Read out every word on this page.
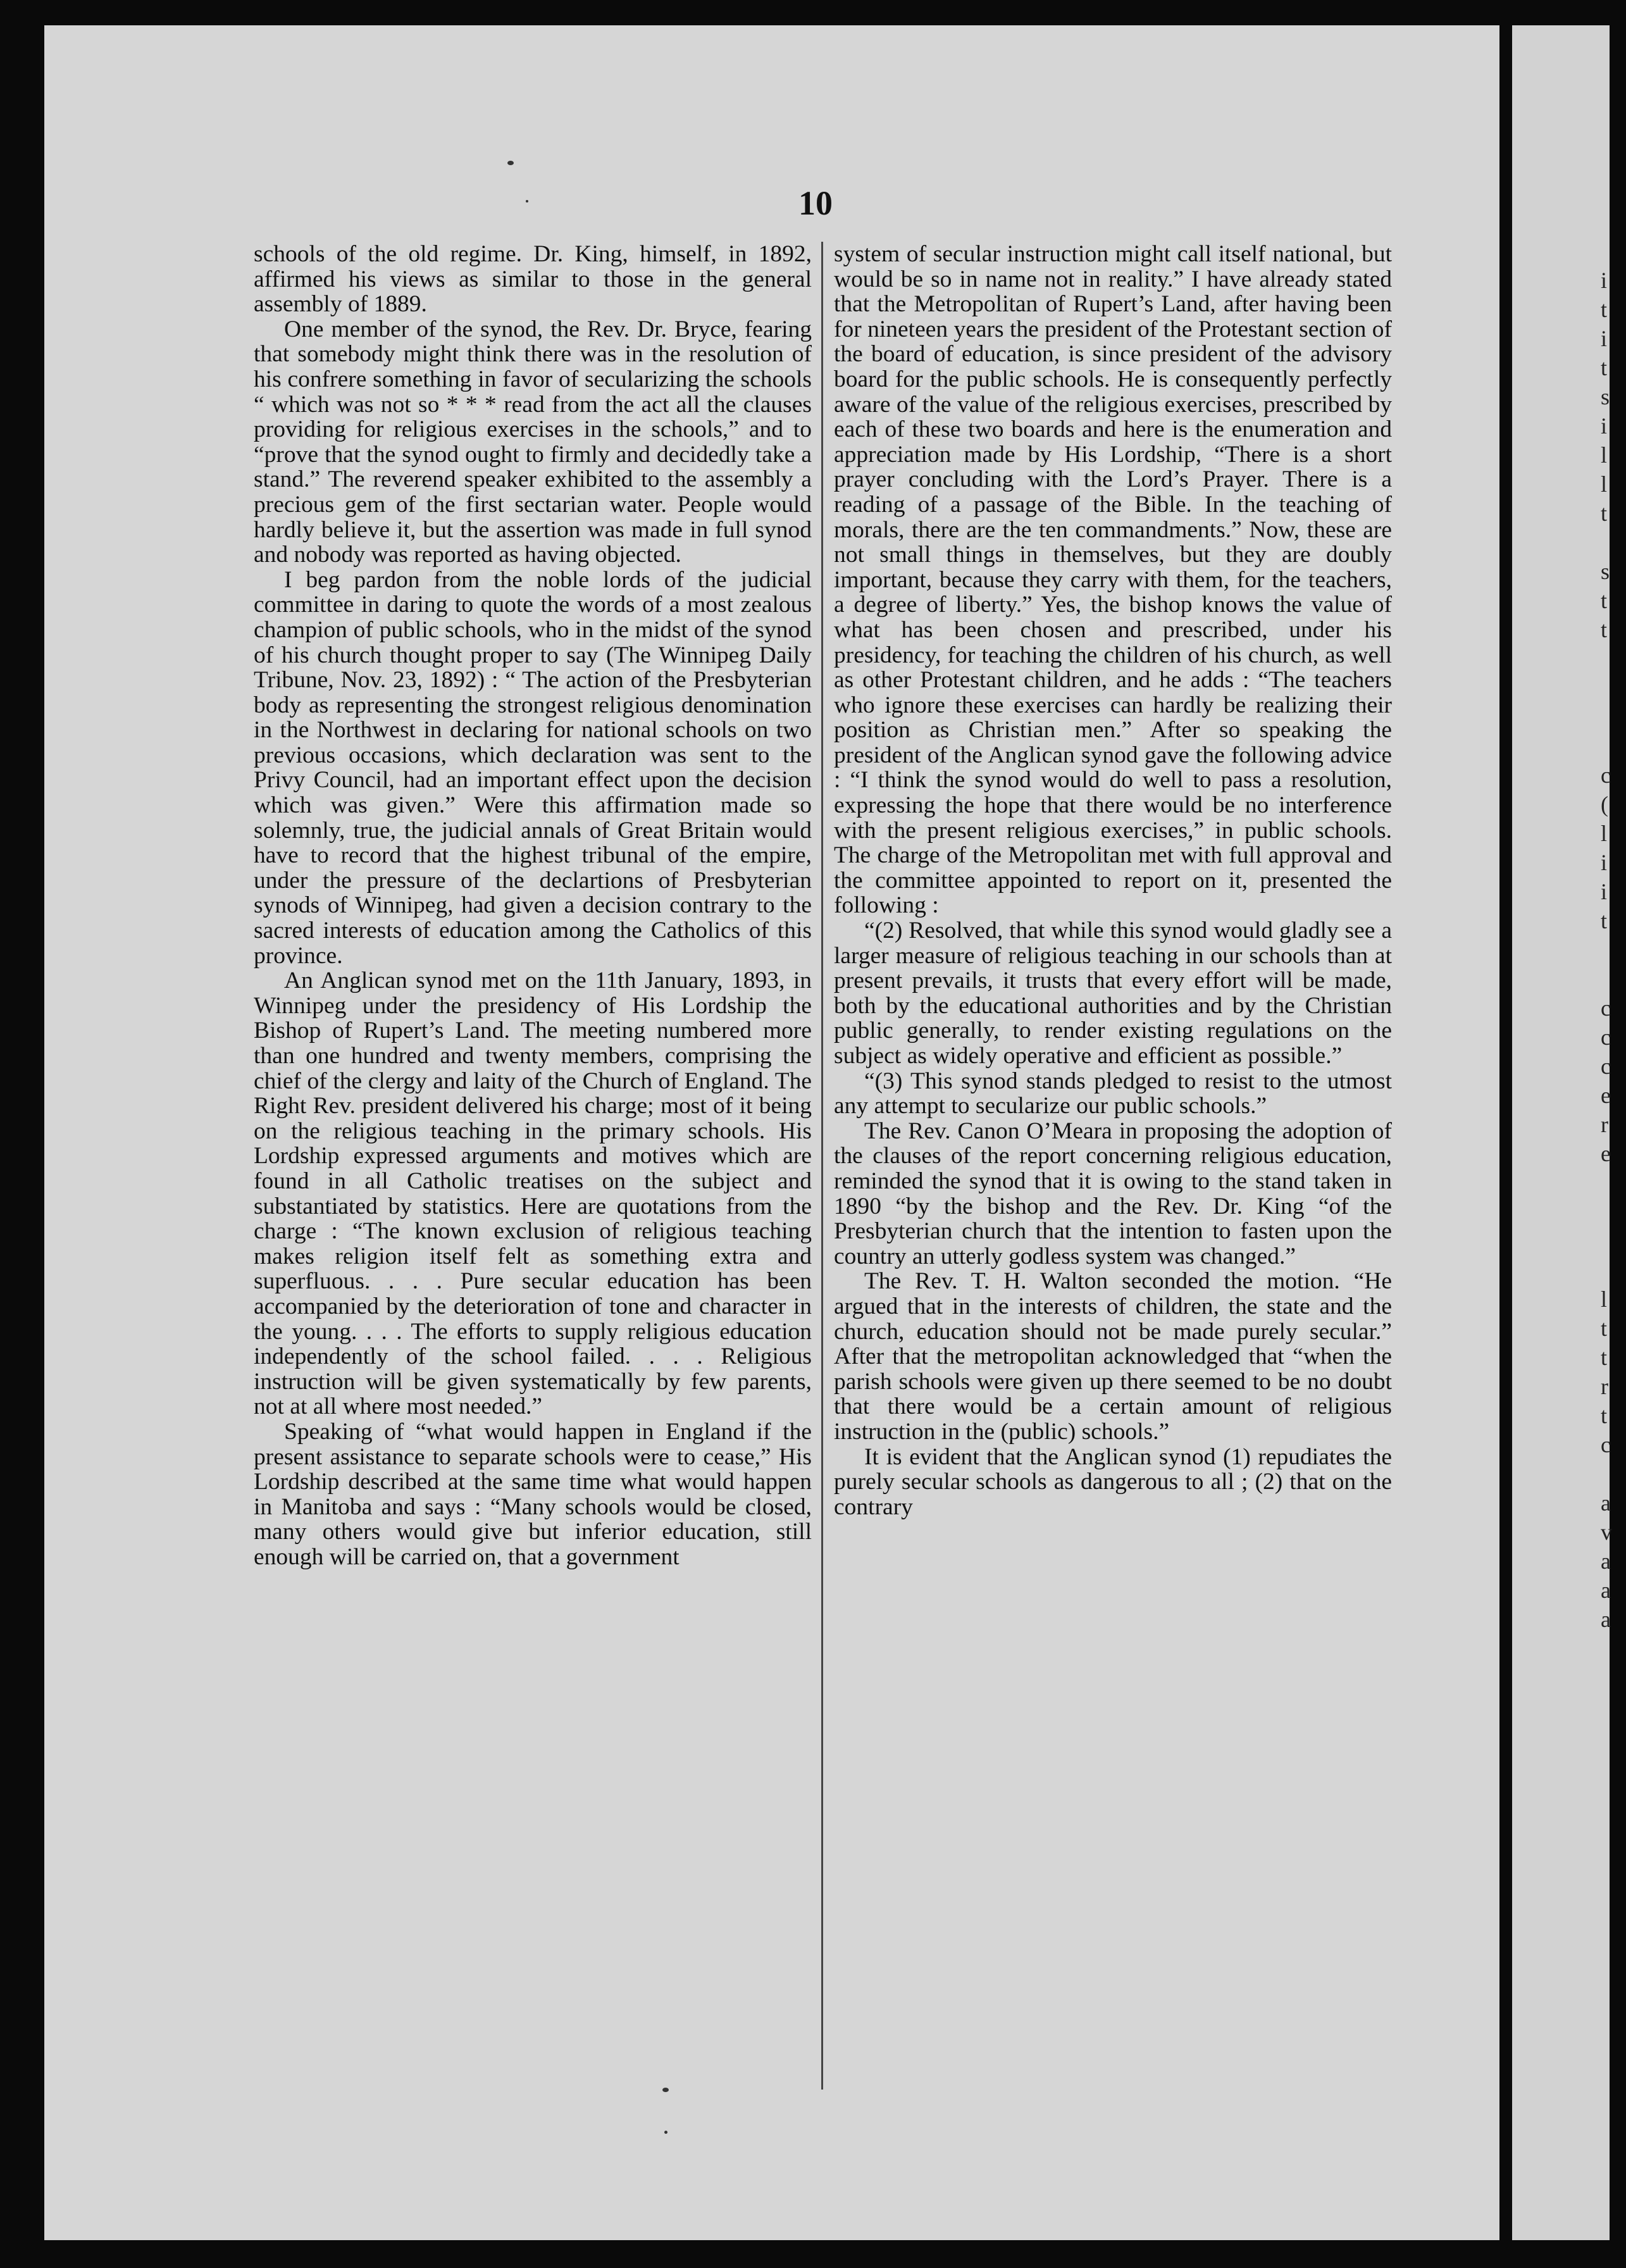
i
t
i
t
s
i
l
l
t

s
t
t

c
(
l
i
i
t

c
c
c
e
r
e

l
t
t
r
t
c

a
v
a
a
a
10

schools of the old regime. Dr. King, himself, in 1892, affirmed his views as similar to those in the general assembly of 1889.

One member of the synod, the Rev. Dr. Bryce, fearing that somebody might think there was in the resolution of his confrere something in favor of secularizing the schools “ which was not so * * * read from the act all the clauses providing for religious exercises in the schools,” and to “prove that the synod ought to firmly and decidedly take a stand.” The reverend speaker exhibited to the assembly a precious gem of the first sectarian water. People would hardly believe it, but the assertion was made in full synod and nobody was reported as having objected.

I beg pardon from the noble lords of the judicial committee in daring to quote the words of a most zealous champion of public schools, who in the midst of the synod of his church thought proper to say (The Winnipeg Daily Tribune, Nov. 23, 1892) : “ The action of the Presbyterian body as representing the strongest religious denomination in the Northwest in declaring for national schools on two previous occasions, which declaration was sent to the Privy Council, had an important effect upon the decision which was given.” Were this affirmation made so solemnly, true, the judicial annals of Great Britain would have to record that the highest tribunal of the empire, under the pressure of the declartions of Presbyterian synods of Winnipeg, had given a decision contrary to the sacred interests of education among the Catholics of this province.

An Anglican synod met on the 11th January, 1893, in Winnipeg under the presidency of His Lordship the Bishop of Rupert’s Land. The meeting numbered more than one hundred and twenty members, comprising the chief of the clergy and laity of the Church of England. The Right Rev. president delivered his charge; most of it being on the religious teaching in the primary schools. His Lordship expressed arguments and motives which are found in all Catholic treatises on the subject and substantiated by statistics. Here are quotations from the charge : “The known exclusion of religious teaching makes religion itself felt as something extra and superfluous. . . . Pure secular education has been accompanied by the deterioration of tone and character in the young. . . . The efforts to supply religious education independently of the school failed. . . . Religious instruction will be given systematically by few parents, not at all where most needed.”

Speaking of “what would happen in England if the present assistance to separate schools were to cease,” His Lordship described at the same time what would happen in Manitoba and says : “Many schools would be closed, many others would give but inferior education, still enough will be carried on, that a government

system of secular instruction might call itself national, but would be so in name not in reality.” I have already stated that the Metropolitan of Rupert’s Land, after having been for nineteen years the president of the Protestant section of the board of education, is since president of the advisory board for the public schools. He is consequently perfectly aware of the value of the religious exercises, prescribed by each of these two boards and here is the enumeration and appreciation made by His Lordship, “There is a short prayer concluding with the Lord’s Prayer. There is a reading of a passage of the Bible. In the teaching of morals, there are the ten commandments.” Now, these are not small things in themselves, but they are doubly important, because they carry with them, for the teachers, a degree of liberty.” Yes, the bishop knows the value of what has been chosen and prescribed, under his presidency, for teaching the children of his church, as well as other Protestant children, and he adds : “The teachers who ignore these exercises can hardly be realizing their position as Christian men.” After so speaking the president of the Anglican synod gave the following advice : “I think the synod would do well to pass a resolution, expressing the hope that there would be no interference with the present religious exercises,” in public schools. The charge of the Metropolitan met with full approval and the committee appointed to report on it, presented the following :

“(2) Resolved, that while this synod would gladly see a larger measure of religious teaching in our schools than at present prevails, it trusts that every effort will be made, both by the educational authorities and by the Christian public generally, to render existing regulations on the subject as widely operative and efficient as possible.”

“(3) This synod stands pledged to resist to the utmost any attempt to secularize our public schools.”

The Rev. Canon O’Meara in proposing the adoption of the clauses of the report concerning religious education, reminded the synod that it is owing to the stand taken in 1890 “by the bishop and the Rev. Dr. King “of the Presbyterian church that the intention to fasten upon the country an utterly godless system was changed.”

The Rev. T. H. Walton seconded the motion. “He argued that in the interests of children, the state and the church, education should not be made purely secular.” After that the metropolitan acknowledged that “when the parish schools were given up there seemed to be no doubt that there would be a certain amount of religious instruction in the (public) schools.”

It is evident that the Anglican synod (1) repudiates the purely secular schools as dangerous to all ; (2) that on the contrary
